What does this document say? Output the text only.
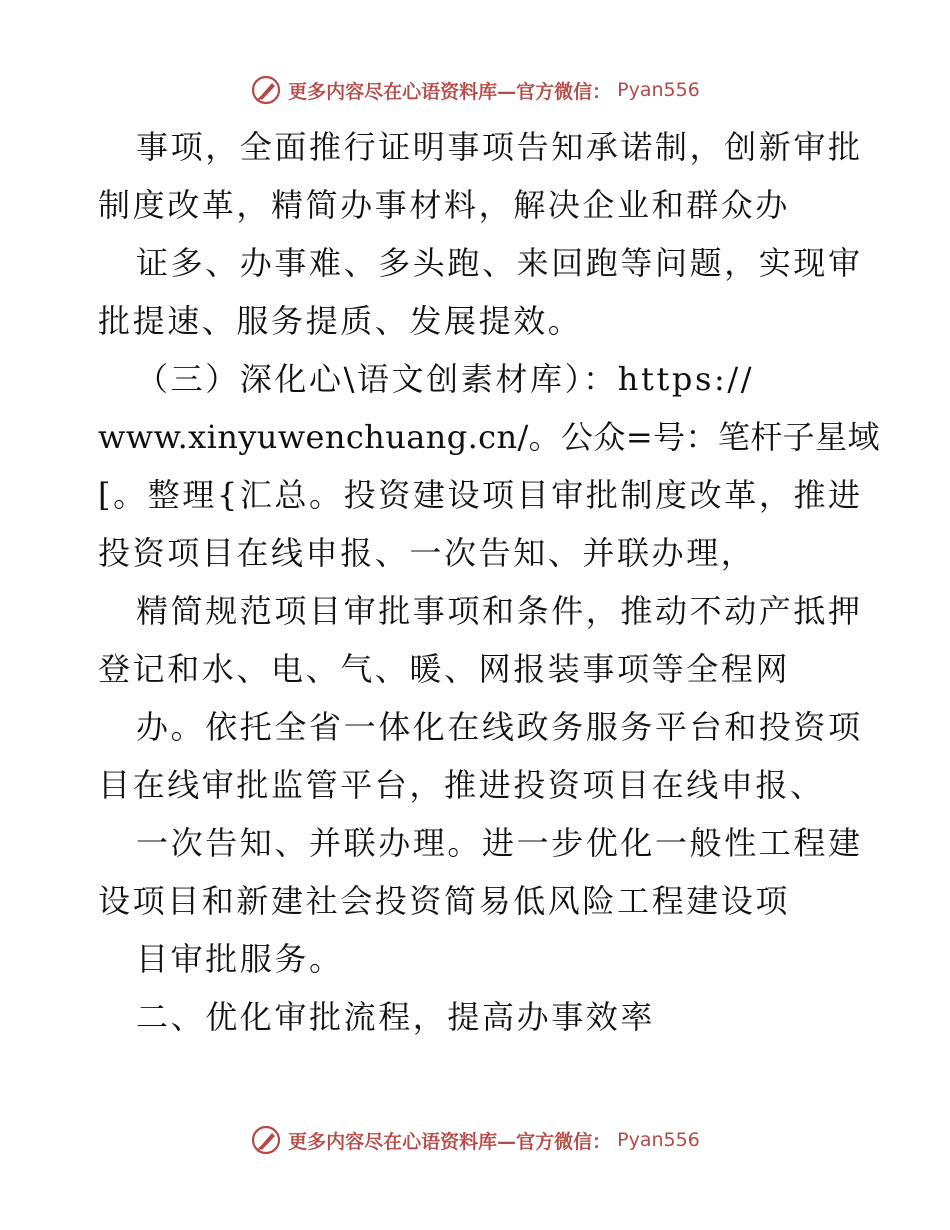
更多内容尽在心语资料库—官方微信： Pyan556
事项，全面推行证明事项告知承诺制，创新审批
制度改革，精简办事材料，解决企业和群众办
证多、办事难、多头跑、来回跑等问题，实现审
批提速、服务提质、发展提效。
（三）深化心\语文创素材库）：https://
www.xinyuwenchuang.cn/。公众=号：笔杆子星域
[。整理{汇总。投资建设项目审批制度改革，推进
投资项目在线申报、一次告知、并联办理，
精简规范项目审批事项和条件，推动不动产抵押
登记和水、电、气、暖、网报装事项等全程网
办。依托全省一体化在线政务服务平台和投资项
目在线审批监管平台，推进投资项目在线申报、
一次告知、并联办理。进一步优化一般性工程建
设项目和新建社会投资简易低风险工程建设项
目审批服务。
二、优化审批流程，提高办事效率
更多内容尽在心语资料库—官方微信： Pyan556
